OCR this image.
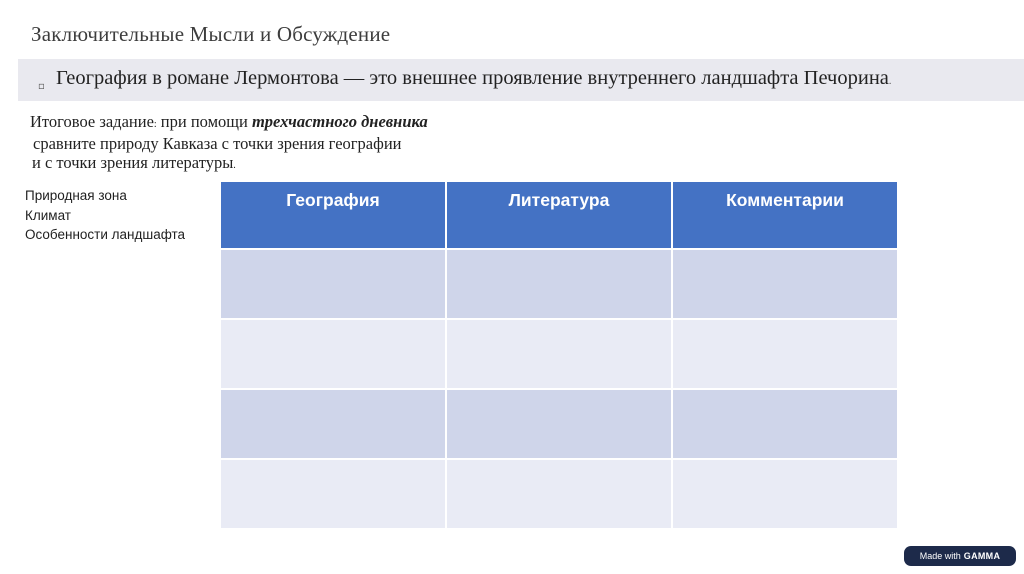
Заключительные Мысли и Обсуждение
▫ География в романе Лермонтова — это внешнее проявление внутреннего ландшафта Печорина.
Итоговое задание: при помощи трехчастного дневника
сравните природу Кавказа с точки зрения географии
и с точки зрения литературы.
Природная зона
Климат
Особенности ландшафта
География	Литература	Комментарии

Made with GAMMA
